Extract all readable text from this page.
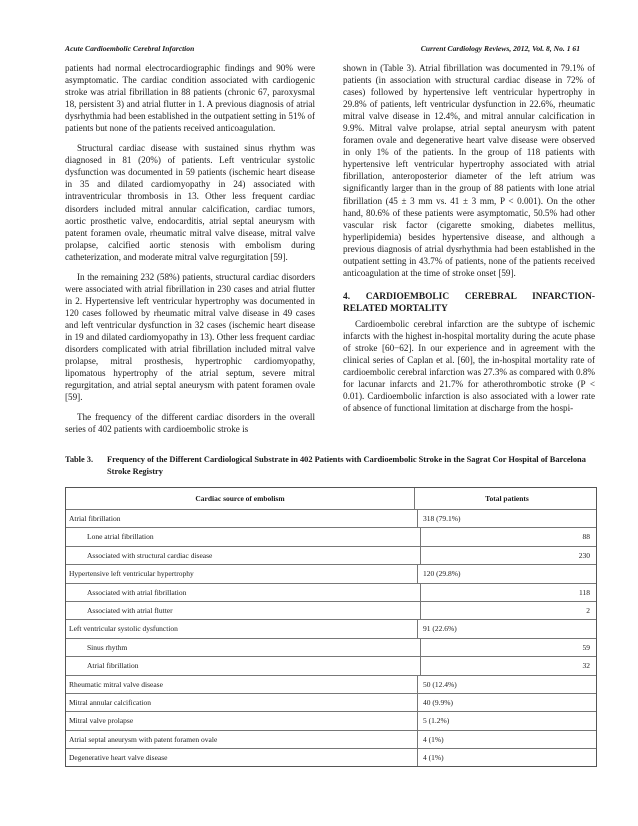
Acute Cardioembolic Cerebral Infarction	Current Cardiology Reviews, 2012, Vol. 8, No. 1 61

patients had normal electrocardiographic findings and 90% were asymptomatic. The cardiac condition associated with cardiogenic stroke was atrial fibrillation in 88 patients (chronic 67, paroxysmal 18, persistent 3) and atrial flutter in 1. A previous diagnosis of atrial dysrhythmia had been established in the outpatient setting in 51% of patients but none of the patients received anticoagulation.

Structural cardiac disease with sustained sinus rhythm was diagnosed in 81 (20%) of patients. Left ventricular systolic dysfunction was documented in 59 patients (ischemic heart disease in 35 and dilated cardiomyopathy in 24) associated with intraventricular thrombosis in 13. Other less frequent cardiac disorders included mitral annular calcification, cardiac tumors, aortic prosthetic valve, endocarditis, atrial septal aneurysm with patent foramen ovale, rheumatic mitral valve disease, mitral valve prolapse, calcified aortic stenosis with embolism during catheterization, and moderate mitral valve regurgitation [59].

In the remaining 232 (58%) patients, structural cardiac disorders were associated with atrial fibrillation in 230 cases and atrial flutter in 2. Hypertensive left ventricular hypertrophy was documented in 120 cases followed by rheumatic mitral valve disease in 49 cases and left ventricular dysfunction in 32 cases (ischemic heart disease in 19 and dilated cardiomyopathy in 13). Other less frequent cardiac disorders complicated with atrial fibrillation included mitral valve prolapse, mitral prosthesis, hypertrophic cardiomyopathy, lipomatous hypertrophy of the atrial septum, severe mitral regurgitation, and atrial septal aneurysm with patent foramen ovale [59].

The frequency of the different cardiac disorders in the overall series of 402 patients with cardioembolic stroke is

shown in (Table 3). Atrial fibrillation was documented in 79.1% of patients (in association with structural cardiac disease in 72% of cases) followed by hypertensive left ventricular hypertrophy in 29.8% of patients, left ventricular dysfunction in 22.6%, rheumatic mitral valve disease in 12.4%, and mitral annular calcification in 9.9%. Mitral valve prolapse, atrial septal aneurysm with patent foramen ovale and degenerative heart valve disease were observed in only 1% of the patients. In the group of 118 patients with hypertensive left ventricular hypertrophy associated with atrial fibrillation, anteroposterior diameter of the left atrium was significantly larger than in the group of 88 patients with lone atrial fibrillation (45 ± 3 mm vs. 41 ± 3 mm, P < 0.001). On the other hand, 80.6% of these patients were asymptomatic, 50.5% had other vascular risk factor (cigarette smoking, diabetes mellitus, hyperlipidemia) besides hypertensive disease, and although a previous diagnosis of atrial dysrhythmia had been established in the outpatient setting in 43.7% of patients, none of the patients received anticoagulation at the time of stroke onset [59].

4. CARDIOEMBOLIC CEREBRAL INFARCTION-RELATED MORTALITY

Cardioembolic cerebral infarction are the subtype of ischemic infarcts with the highest in-hospital mortality during the acute phase of stroke [60−62]. In our experience and in agreement with the clinical series of Caplan et al. [60], the in-hospital mortality rate of cardioembolic cerebral infarction was 27.3% as compared with 0.8% for lacunar infarcts and 21.7% for atherothrombotic stroke (P < 0.01). Cardioembolic infarction is also associated with a lower rate of absence of functional limitation at discharge from the hospi-

Table 3. Frequency of the Different Cardiological Substrate in 402 Patients with Cardioembolic Stroke in the Sagrat Cor Hospital of Barcelona Stroke Registry
Cardiac source of embolism	Total patients
Atrial fibrillation	318 (79.1%)
Lone atrial fibrillation	88
Associated with structural cardiac disease	230
Hypertensive left ventricular hypertrophy	120 (29.8%)
Associated with atrial fibrillation	118
Associated with atrial flutter	2
Left ventricular systolic dysfunction	91 (22.6%)
Sinus rhythm	59
Atrial fibrillation	32
Rheumatic mitral valve disease	50 (12.4%)
Mitral annular calcification	40 (9.9%)
Mitral valve prolapse	5 (1.2%)
Atrial septal aneurysm with patent foramen ovale	4 (1%)
Degenerative heart valve disease	4 (1%)
